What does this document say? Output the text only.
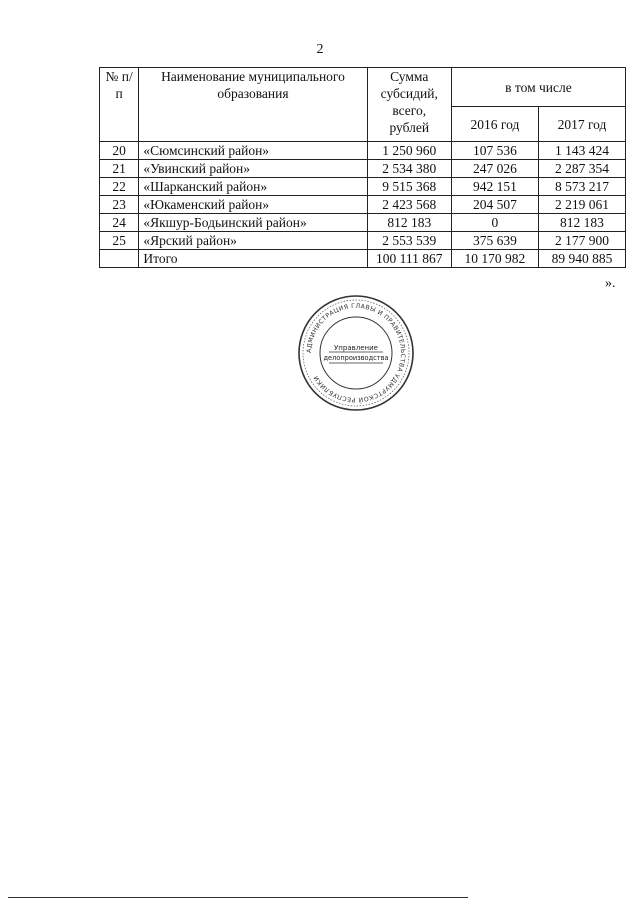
2
№ п/п	Наименование муниципального образования	Сумма субсидий, всего, рублей	в том числе	
			2016 год	2017 год
20	«Сюмсинский район»	1 250 960	107 536	1 143 424
21	«Увинский район»	2 534 380	247 026	2 287 354
22	«Шарканский район»	9 515 368	942 151	8 573 217
23	«Юкаменский район»	2 423 568	204 507	2 219 061
24	«Якшур-Бодьинский район»	812 183	0	812 183
25	«Ярский район»	2 553 539	375 639	2 177 900
	Итого	100 111 867	10 170 982	89 940 885
».
АДМИНИСТРАЦИЯ ГЛАВЫ И ПРАВИТЕЛЬСТВА УДМУРТСКОЙ РЕСПУБЛИКИ
Управление
делопроизводства
